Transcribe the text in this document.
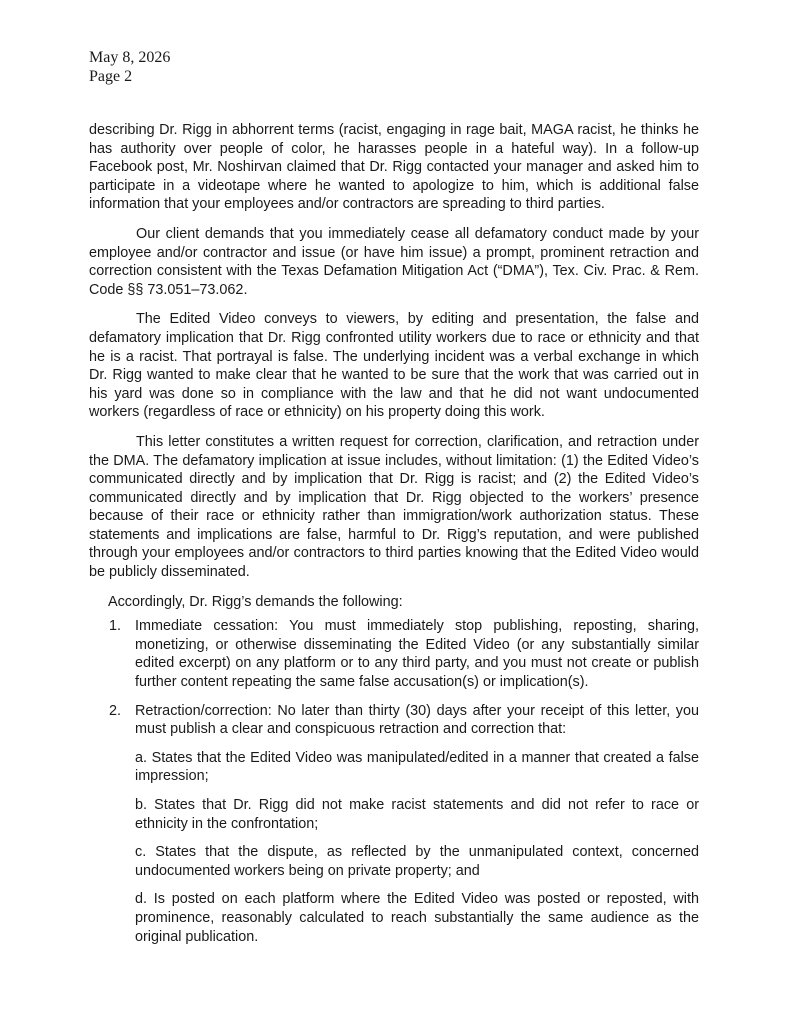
May 8, 2026
Page 2

describing Dr. Rigg in abhorrent terms (racist, engaging in rage bait, MAGA racist, he thinks he has authority over people of color, he harasses people in a hateful way). In a follow-up Facebook post, Mr. Noshirvan claimed that Dr. Rigg contacted your manager and asked him to participate in a videotape where he wanted to apologize to him, which is additional false information that your employees and/or contractors are spreading to third parties.

Our client demands that you immediately cease all defamatory conduct made by your employee and/or contractor and issue (or have him issue) a prompt, prominent retraction and correction consistent with the Texas Defamation Mitigation Act (“DMA”), Tex. Civ. Prac. & Rem. Code §§ 73.051–73.062.

The Edited Video conveys to viewers, by editing and presentation, the false and defamatory implication that Dr. Rigg confronted utility workers due to race or ethnicity and that he is a racist. That portrayal is false. The underlying incident was a verbal exchange in which Dr. Rigg wanted to make clear that he wanted to be sure that the work that was carried out in his yard was done so in compliance with the law and that he did not want undocumented workers (regardless of race or ethnicity) on his property doing this work.

This letter constitutes a written request for correction, clarification, and retraction under the DMA. The defamatory implication at issue includes, without limitation: (1) the Edited Video’s communicated directly and by implication that Dr. Rigg is racist; and (2) the Edited Video’s communicated directly and by implication that Dr. Rigg objected to the workers’ presence because of their race or ethnicity rather than immigration/work authorization status. These statements and implications are false, harmful to Dr. Rigg’s reputation, and were published through your employees and/or contractors to third parties knowing that the Edited Video would be publicly disseminated.

Accordingly, Dr. Rigg’s demands the following:

1. Immediate cessation: You must immediately stop publishing, reposting, sharing, monetizing, or otherwise disseminating the Edited Video (or any substantially similar edited excerpt) on any platform or to any third party, and you must not create or publish further content repeating the same false accusation(s) or implication(s).
2. Retraction/correction: No later than thirty (30) days after your receipt of this letter, you must publish a clear and conspicuous retraction and correction that:

a. States that the Edited Video was manipulated/edited in a manner that created a false impression;

b. States that Dr. Rigg did not make racist statements and did not refer to race or ethnicity in the confrontation;

c. States that the dispute, as reflected by the unmanipulated context, concerned undocumented workers being on private property; and

d. Is posted on each platform where the Edited Video was posted or reposted, with prominence, reasonably calculated to reach substantially the same audience as the original publication.
